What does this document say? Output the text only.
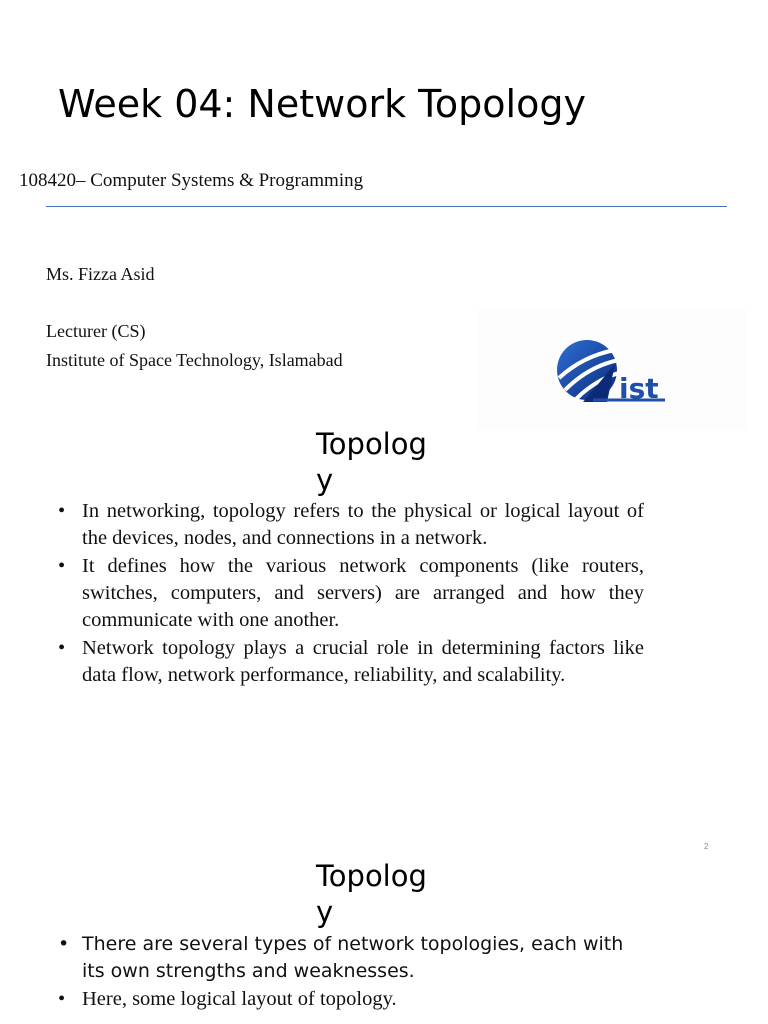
Week 04: Network Topology
108420– Computer Systems & Programming
Ms. Fizza Asid
Lecturer (CS)
Institute of Space Technology, Islamabad
ist
Topology
• In networking, topology refers to the physical or logical layout of the devices, nodes, and connections in a network.
• It defines how the various network components (like routers, switches, computers, and servers) are arranged and how they communicate with one another.
• Network topology plays a crucial role in determining factors like data flow, network performance, reliability, and scalability.
2
Topology
• There are several types of network topologies, each with its own strengths and weaknesses.
• Here, some logical layout of topology.
